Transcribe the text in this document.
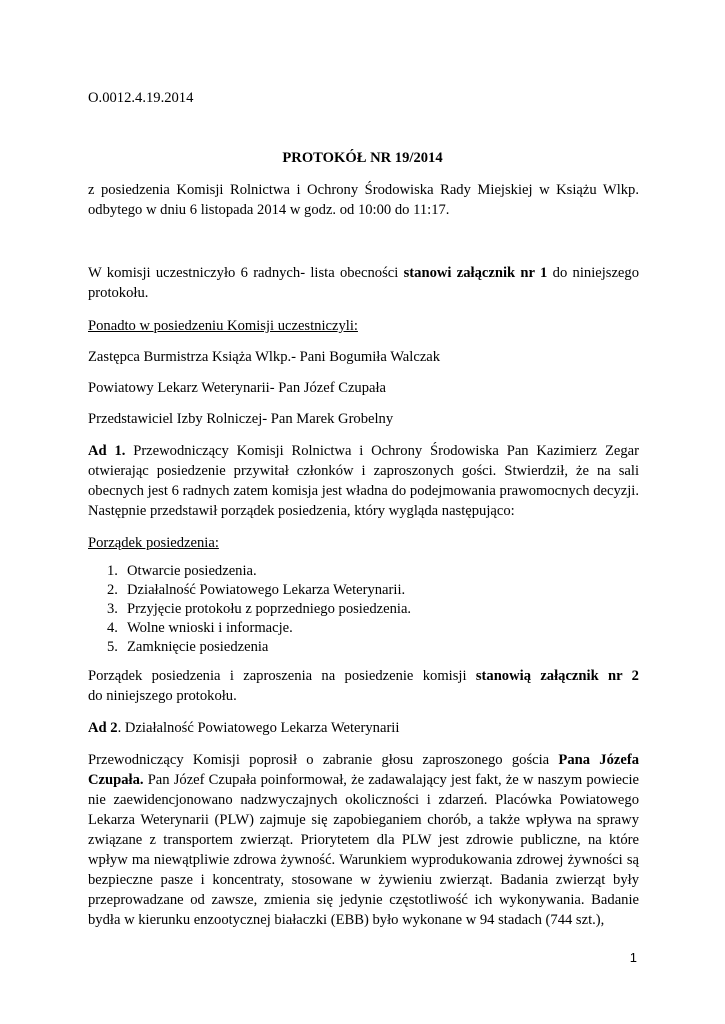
O.0012.4.19.2014
PROTOKÓŁ NR 19/2014
z posiedzenia Komisji Rolnictwa i Ochrony Środowiska Rady Miejskiej w Książu Wlkp.
odbytego w dniu 6 listopada 2014 w godz. od 10:00 do 11:17.
W komisji uczestniczyło 6 radnych- lista obecności stanowi załącznik nr 1 do niniejszego
protokołu.
Ponadto w posiedzeniu Komisji uczestniczyli:
Zastępca Burmistrza Książa Wlkp.- Pani Bogumiła Walczak
Powiatowy Lekarz Weterynarii- Pan Józef Czupała
Przedstawiciel Izby Rolniczej- Pan Marek Grobelny
Ad 1. Przewodniczący Komisji Rolnictwa i Ochrony Środowiska Pan Kazimierz Zegar
otwierając posiedzenie przywitał członków i zaproszonych gości. Stwierdził, że na sali
obecnych jest 6 radnych zatem komisja jest władna do podejmowania prawomocnych decyzji.
Następnie przedstawił porządek posiedzenia, który wygląda następująco:
Porządek posiedzenia:
1. Otwarcie posiedzenia.
2. Działalność Powiatowego Lekarza Weterynarii.
3. Przyjęcie protokołu z poprzedniego posiedzenia.
4. Wolne wnioski i informacje.
5. Zamknięcie posiedzenia
Porządek posiedzenia i zaproszenia na posiedzenie komisji stanowią załącznik nr 2
do niniejszego protokołu.
Ad 2. Działalność Powiatowego Lekarza Weterynarii
Przewodniczący Komisji poprosił o zabranie głosu zaproszonego gościa Pana Józefa
Czupała. Pan Józef Czupała poinformował, że zadawalający jest fakt, że w naszym powiecie
nie zaewidencjonowano nadzwyczajnych okoliczności i zdarzeń. Placówka Powiatowego
Lekarza Weterynarii (PLW) zajmuje się zapobieganiem chorób, a także wpływa na sprawy
związane z transportem zwierząt. Priorytetem dla PLW jest zdrowie publiczne, na które
wpływ ma niewątpliwie zdrowa żywność. Warunkiem wyprodukowania zdrowej żywności są
bezpieczne pasze i koncentraty, stosowane w żywieniu zwierząt. Badania zwierząt były
przeprowadzane od zawsze, zmienia się jedynie częstotliwość ich wykonywania. Badanie
bydła w kierunku enzootycznej białaczki (EBB) było wykonane w 94 stadach (744 szt.),
1
